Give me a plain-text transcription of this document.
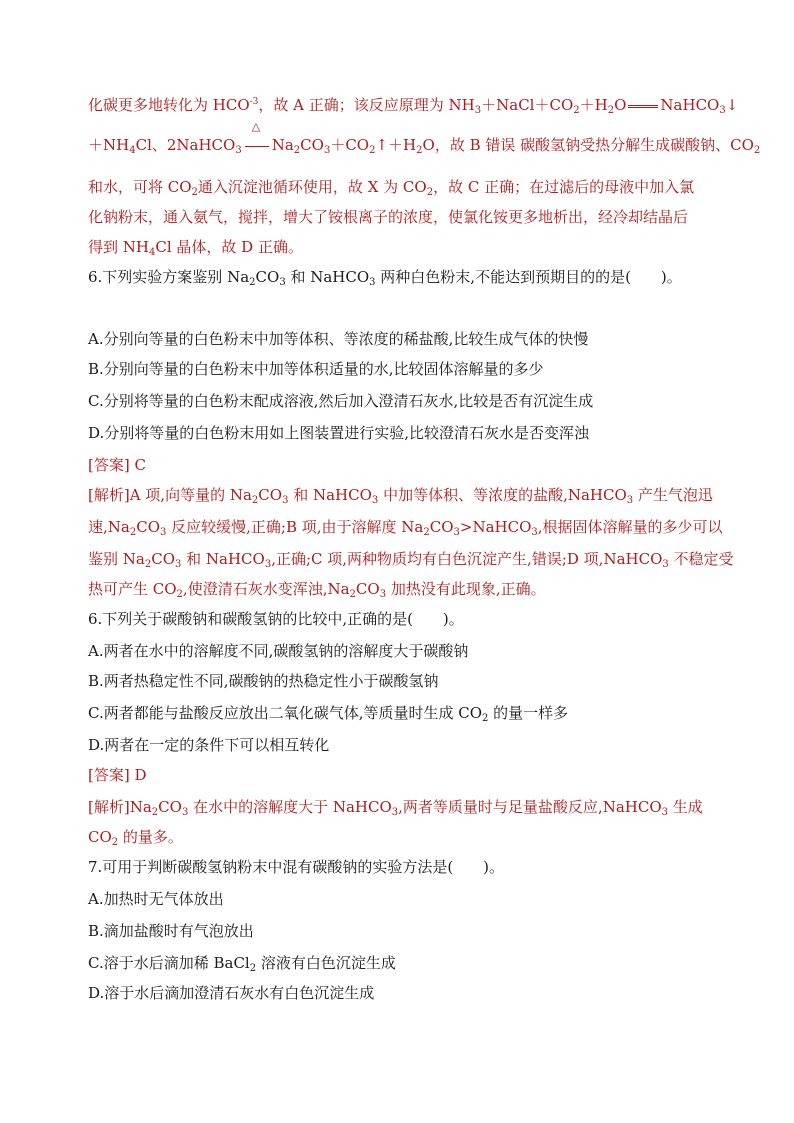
化碳更多地转化为 $HCO^{-3}$，故 A 正确；该反应原理为 $NH_3+NaCl+CO_2+H_2O$ NaHCO$_3$↓
$+NH_4Cl$、2NaHCO$_3$
△
$Na_2CO_3+CO_2↑+H_2O$，故 B 错误 碳酸氢钠受热分解生成碳酸钠、$CO_2$
和水，可将 $CO_2$通入沉淀池循环使用，故 X 为 $CO_2$，故 C 正确；在过滤后的母液中加入氯
化钠粉末，通入氨气，搅拌，增大了铵根离子的浓度，使氯化铵更多地析出，经冷却结晶后
得到 $NH_4Cl$ 晶体，故 D 正确。
6.下列实验方案鉴别 $Na_2CO_3$ 和 NaHCO$_3$ 两种白色粉末,不能达到预期目的的是(　　)。
A.分别向等量的白色粉末中加等体积、等浓度的稀盐酸,比较生成气体的快慢
B.分别向等量的白色粉末中加等体积适量的水,比较固体溶解量的多少
C.分别将等量的白色粉末配成溶液,然后加入澄清石灰水,比较是否有沉淀生成
D.分别将等量的白色粉末用如上图装置进行实验,比较澄清石灰水是否变浑浊
[答案] C
[解析]A 项,向等量的 $Na_2CO_3$ 和 NaHCO$_3$ 中加等体积、等浓度的盐酸,NaHCO$_3$ 产生气泡迅
速$,Na_2CO_3$ 反应较缓慢,正确;B 项,由于溶解度 $Na_2CO_3>NaHCO_3$,根据固体溶解量的多少可以
鉴别 $Na_2CO_3$ 和 NaHCO$_3$,正确;C 项,两种物质均有白色沉淀产生,错误;D 项,NaHCO$_3$ 不稳定受
热可产生 $CO_2$,使澄清石灰水变浑浊$,Na_2CO_3$ 加热没有此现象,正确。
6.下列关于碳酸钠和碳酸氢钠的比较中,正确的是(　　)。
A.两者在水中的溶解度不同,碳酸氢钠的溶解度大于碳酸钠
B.两者热稳定性不同,碳酸钠的热稳定性小于碳酸氢钠
C.两者都能与盐酸反应放出二氧化碳气体,等质量时生成 $CO_2$ 的量一样多
D.两者在一定的条件下可以相互转化
[答案] D
[解析]$Na_2CO_3$ 在水中的溶解度大于 NaHCO$_3$,两者等质量时与足量盐酸反应,NaHCO$_3$ 生成
$CO_2$ 的量多。
7.可用于判断碳酸氢钠粉末中混有碳酸钠的实验方法是(　　)。
A.加热时无气体放出
B.滴加盐酸时有气泡放出
C.溶于水后滴加稀 BaCl$_2$ 溶液有白色沉淀生成
D.溶于水后滴加澄清石灰水有白色沉淀生成
